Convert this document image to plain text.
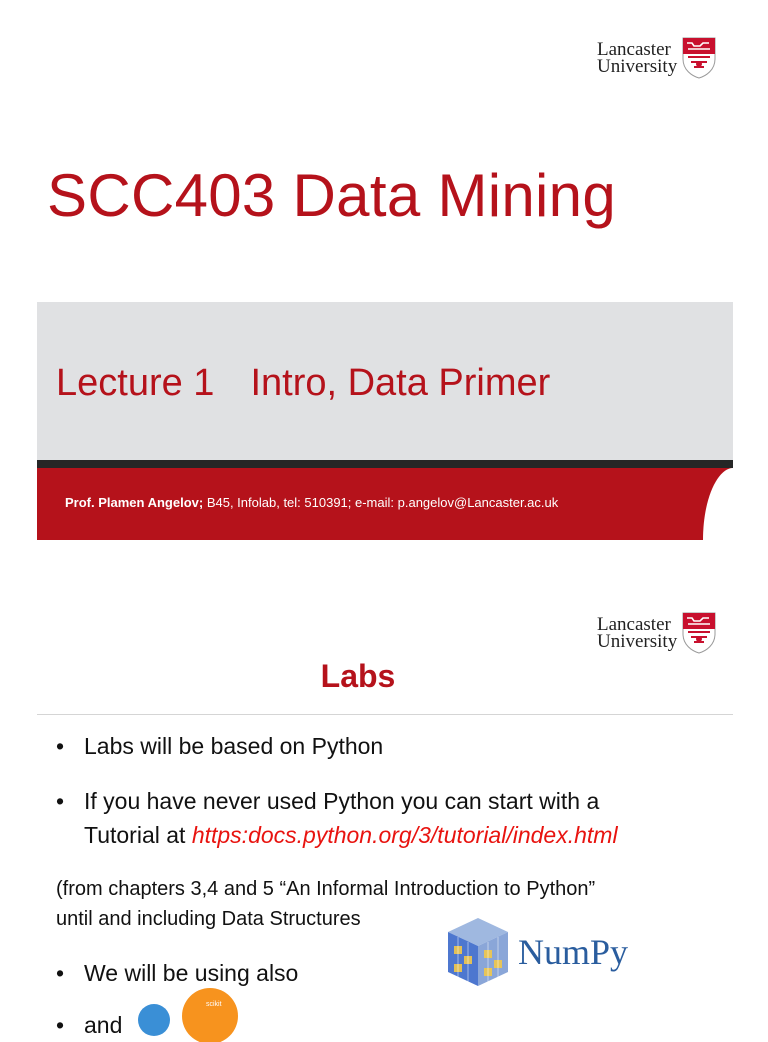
Lancaster
University
SCC403 Data Mining
Lecture 1 Intro, Data Primer
Prof. Plamen Angelov; B45, Infolab, tel: 510391; e-mail: p.angelov@Lancaster.ac.uk
Lancaster
University
Labs
• Labs will be based on Python
• If you have never used Python you can start with a
Tutorial at https:docs.python.org/3/tutorial/index.html
(from chapters 3,4 and 5 “An Informal Introduction to Python”
until and including Data Structures
• We will be using also
NumPy
• and
scikit
